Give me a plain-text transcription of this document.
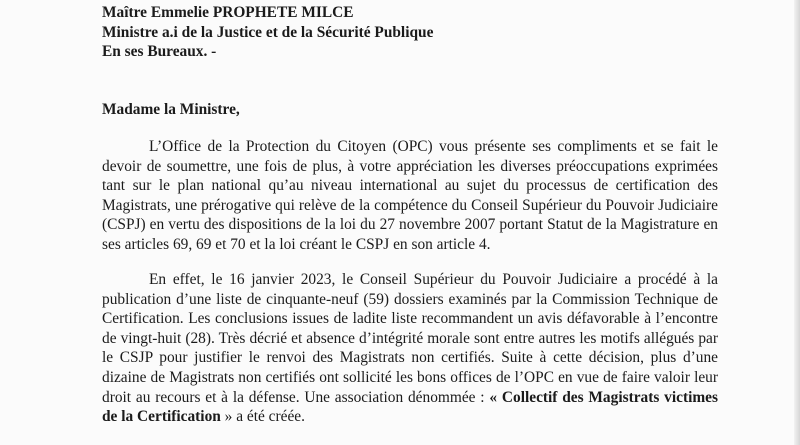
Maître Emmelie PROPHETE MILCE
Ministre a.i de la Justice et de la Sécurité Publique
En ses Bureaux. -
Madame la Ministre,

L’Office de la Protection du Citoyen (OPC) vous présente ses compliments et se fait le devoir de soumettre, une fois de plus, à votre appréciation les diverses préoccupations exprimées tant sur le plan national qu’au niveau international au sujet du processus de certification des Magistrats, une prérogative qui relève de la compétence du Conseil Supérieur du Pouvoir Judiciaire (CSPJ) en vertu des dispositions de la loi du 27 novembre 2007 portant Statut de la Magistrature en ses articles 69, 69 et 70 et la loi créant le CSPJ en son article 4.

En effet, le 16 janvier 2023, le Conseil Supérieur du Pouvoir Judiciaire a procédé à la publication d’une liste de cinquante-neuf (59) dossiers examinés par la Commission Technique de Certification. Les conclusions issues de ladite liste recommandent un avis défavorable à l’encontre de vingt-huit (28). Très décrié et absence d’intégrité morale sont entre autres les motifs allégués par le CSJP pour justifier le renvoi des Magistrats non certifiés. Suite à cette décision, plus d’une dizaine de Magistrats non certifiés ont sollicité les bons offices de l’OPC en vue de faire valoir leur droit au recours et à la défense. Une association dénommée : « Collectif des Magistrats victimes de la Certification » a été créée.
